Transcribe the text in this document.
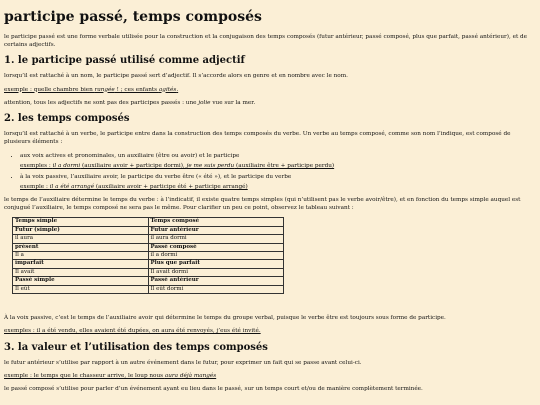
participe passé, temps composés

le participe passé est une forme verbale utilisée pour la construction et la conjugaison des temps composés (futur antérieur, passé composé, plus que parfait, passé antérieur), et de certains adjectifs.

1. le participe passé utilisé comme adjectif

lorsqu’il est rattaché à un nom, le participe passé sert d’adjectif. Il s’accorde alors en genre et en nombre avec le nom.

exemple : quelle chambre bien rangée ! ; ces enfants agités.

attention, tous les adjectifs ne sont pas des participes passés : une jolie vue sur la mer.

2. les temps composés

lorsqu’il est rattaché à un verbe, le participe entre dans la construction des temps composés du verbe. Un verbe au temps composé, comme son nom l’indique, est composé de plusieurs éléments :

• aux voix actives et pronominales, un auxiliaire (être ou avoir) et le participe

exemples : il a dormi (auxiliaire avoir + participe dormi), je me suis perdu (auxiliaire être + participe perdu)

• à la voix passive, l’auxiliaire avoir, le participe du verbe être (« été »), et le participe du verbe

exemple : il a été arrangé (auxiliaire avoir + participe été + participe arrangé)

le temps de l’auxiliaire détermine le temps du verbe : à l’indicatif, il existe quatre temps simples (qui n’utilisent pas le verbe avoir/être), et en fonction du temps simple auquel est conjugué l’auxiliaire, le temps composé ne sera pas le même. Pour clarifier un peu ce point, observez le tableau suivant :

Temps simple	Temps composé
Futur (simple)	Futur antérieur
il aura	il aura dormi
présent	Passé composé
Il a	il a dormi
imparfait	Plus que parfait
Il avait	Il avait dormi
Passé simple	Passé antérieur
Il eût	Il eût dormi

À la voix passive, c’est le temps de l’auxiliaire avoir qui détermine le temps du groupe verbal, puisque le verbe être est toujours sous forme de participe.

exemples : il a été vendu, elles avaient été dupées, on aura été renvoyés, j’eus été invité.

3. la valeur et l’utilisation des temps composés

le futur antérieur s’utilise par rapport à un autre événement dans le futur, pour exprimer un fait qui se passe avant celui-ci.

exemple : le temps que le chasseur arrive, le loup nous aura déjà mangés

le passé composé s’utilise pour parler d’un événement ayant eu lieu dans le passé, sur un temps court et/ou de manière complètement terminée.
